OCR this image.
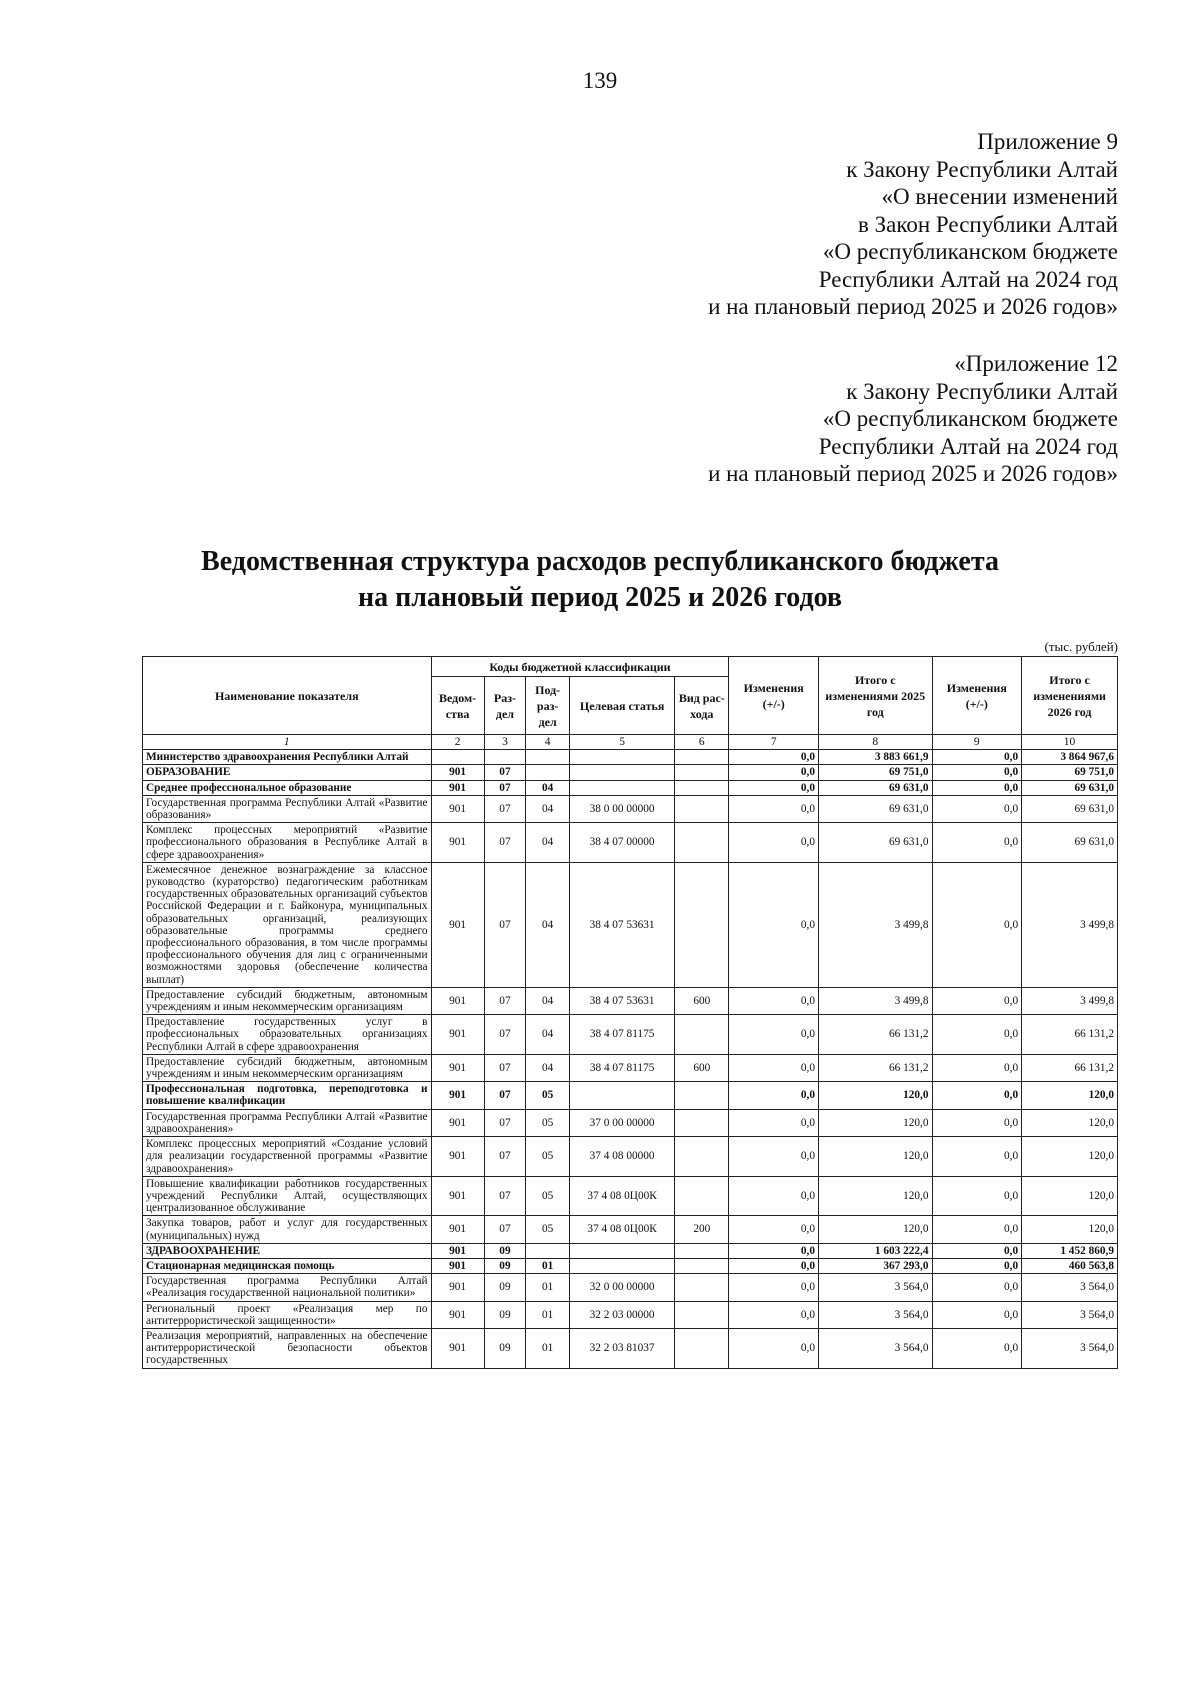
139
Приложение 9
к Закону Республики Алтай
«О внесении изменений
в Закон Республики Алтай
«О республиканском бюджете
Республики Алтай на 2024 год
и на плановый период 2025 и 2026 годов»
«Приложение 12
к Закону Республики Алтай
«О республиканском бюджете
Республики Алтай на 2024 год
и на плановый период 2025 и 2026 годов»
Ведомственная структура расходов республиканского бюджета
на плановый период 2025 и 2026 годов
(тыс. рублей)
Наименование показателя	Коды бюджетной классификации					Изменения (+/-)	Итого с изменениями 2025 год	Изменения (+/-)	Итого с изменениями 2026 год
	Ведом-ства	Раз-дел	Под-раз-дел	Целевая статья	Вид рас-хода				
1	2	3	4	5	6	7	8	9	10
Министерство здравоохранения Республики Алтай						0,0	3 883 661,9	0,0	3 864 967,6
ОБРАЗОВАНИЕ	901	07				0,0	69 751,0	0,0	69 751,0
Среднее профессиональное образование	901	07	04			0,0	69 631,0	0,0	69 631,0
Государственная программа Республики Алтай «Развитие образования»	901	07	04	38 0 00 00000		0,0	69 631,0	0,0	69 631,0
Комплекс процессных мероприятий «Развитие профессионального образования в Республике Алтай в сфере здравоохранения»	901	07	04	38 4 07 00000		0,0	69 631,0	0,0	69 631,0
Ежемесячное денежное вознаграждение за классное руководство (кураторство) педагогическим работникам государственных образовательных организаций субъектов Российской Федерации и г. Байконура, муниципальных образовательных организаций, реализующих образовательные программы среднего профессионального образования, в том числе программы профессионального обучения для лиц с ограниченными возможностями здоровья (обеспечение количества выплат)	901	07	04	38 4 07 53631		0,0	3 499,8	0,0	3 499,8
Предоставление субсидий бюджетным, автономным учреждениям и иным некоммерческим организациям	901	07	04	38 4 07 53631	600	0,0	3 499,8	0,0	3 499,8
Предоставление государственных услуг в профессиональных образовательных организациях Республики Алтай в сфере здравоохранения	901	07	04	38 4 07 81175		0,0	66 131,2	0,0	66 131,2
Предоставление субсидий бюджетным, автономным учреждениям и иным некоммерческим организациям	901	07	04	38 4 07 81175	600	0,0	66 131,2	0,0	66 131,2
Профессиональная подготовка, переподготовка и повышение квалификации	901	07	05			0,0	120,0	0,0	120,0
Государственная программа Республики Алтай «Развитие здравоохранения»	901	07	05	37 0 00 00000		0,0	120,0	0,0	120,0
Комплекс процессных мероприятий «Создание условий для реализации государственной программы «Развитие здравоохранения»	901	07	05	37 4 08 00000		0,0	120,0	0,0	120,0
Повышение квалификации работников государственных учреждений Республики Алтай, осуществляющих централизованное обслуживание	901	07	05	37 4 08 0Ц00К		0,0	120,0	0,0	120,0
Закупка товаров, работ и услуг для государственных (муниципальных) нужд	901	07	05	37 4 08 0Ц00К	200	0,0	120,0	0,0	120,0
ЗДРАВООХРАНЕНИЕ	901	09				0,0	1 603 222,4	0,0	1 452 860,9
Стационарная медицинская помощь	901	09	01			0,0	367 293,0	0,0	460 563,8
Государственная программа Республики Алтай «Реализация государственной национальной политики»	901	09	01	32 0 00 00000		0,0	3 564,0	0,0	3 564,0
Региональный проект «Реализация мер по антитеррористической защищенности»	901	09	01	32 2 03 00000		0,0	3 564,0	0,0	3 564,0
Реализация мероприятий, направленных на обеспечение антитеррористической безопасности объектов государственных	901	09	01	32 2 03 81037		0,0	3 564,0	0,0	3 564,0
